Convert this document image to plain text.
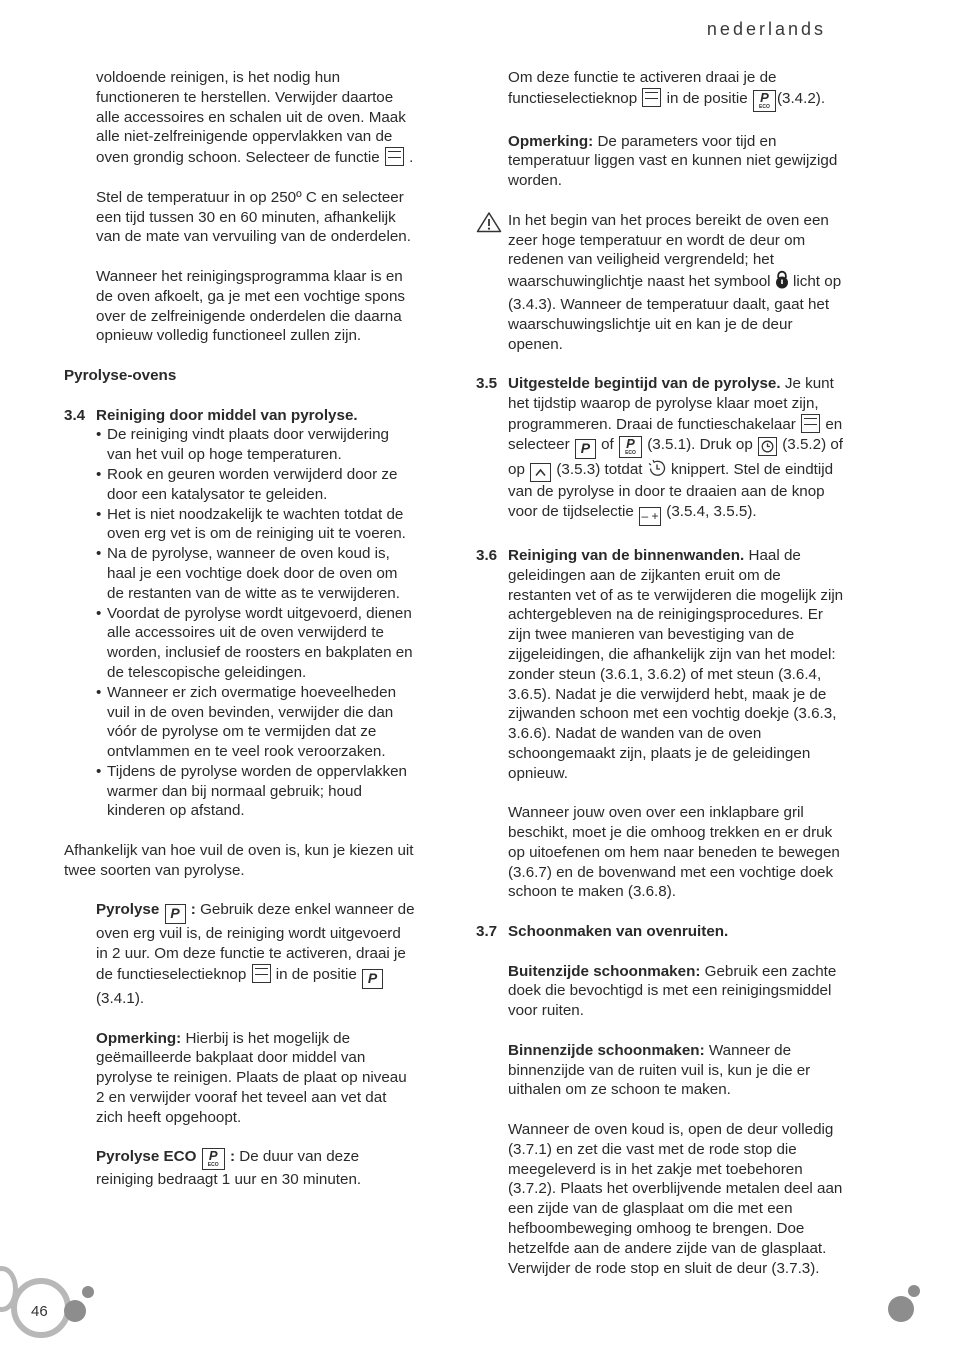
nederlands

voldoende reinigen, is het nodig hun functioneren te herstellen. Verwijder daartoe alle accessoires en schalen uit de oven. Maak alle niet-zelfreinigende oppervlakken van de oven grondig schoon. Selecteer de functie .

Stel de temperatuur in op 250º C en selecteer een tijd tussen 30 en 60 minuten, afhankelijk van de mate van vervuiling van de onderdelen.

Wanneer het reinigingsprogramma klaar is en de oven afkoelt, ga je met een vochtige spons over de zelfreinigende onderdelen die daarna opnieuw volledig functioneel zullen zijn.

Pyrolyse-ovens

3.4 Reiniging door middel van pyrolyse.
• De reiniging vindt plaats door verwijdering van het vuil op hoge temperaturen.
• Rook en geuren worden verwijderd door ze door een katalysator te geleiden.
• Het is niet noodzakelijk te wachten totdat de oven erg vet is om de reiniging uit te voeren.
• Na de pyrolyse, wanneer de oven koud is, haal je een vochtige doek door de oven om de restanten van de witte as te verwijderen.
• Voordat de pyrolyse wordt uitgevoerd, dienen alle accessoires uit de oven verwijderd te worden, inclusief de roosters en bakplaten en de telescopische geleidingen.
• Wanneer er zich overmatige hoeveelheden vuil in de oven bevinden, verwijder die dan vóór de pyrolyse om te vermijden dat ze ontvlammen en te veel rook veroorzaken.
• Tijdens de pyrolyse worden de oppervlakken warmer dan bij normaal gebruik; houd kinderen op afstand.

Afhankelijk van hoe vuil de oven is, kun je kiezen uit twee soorten van pyrolyse.

Pyrolyse P : Gebruik deze enkel wanneer de oven erg vuil is, de reiniging wordt uitgevoerd in 2 uur. Om deze functie te activeren, draai je de functieselectieknop in de positie P (3.4.1).

Opmerking: Hierbij is het mogelijk de geëmailleerde bakplaat door middel van pyrolyse te reinigen. Plaats de plaat op niveau 2 en verwijder vooraf het teveel aan vet dat zich heeft opgehoopt.

Pyrolyse ECO P
ECO : De duur van deze reiniging bedraagt 1 uur en 30 minuten.

Om deze functie te activeren draai je de functieselectieknop in de positie P
ECO (3.4.2).

Opmerking: De parameters voor tijd en temperatuur liggen vast en kunnen niet gewijzigd worden.

In het begin van het proces bereikt de oven een zeer hoge temperatuur en wordt de deur om redenen van veiligheid vergrendeld; het waarschuwinglichtje naast het symbool licht op (3.4.3). Wanneer de temperatuur daalt, gaat het waarschuwingslichtje uit en kan je de deur openen.

3.5 Uitgestelde begintijd van de pyrolyse. Je kunt het tijdstip waarop de pyrolyse klaar moet zijn, programmeren. Draai de functieschakelaar en selecteer P of P
ECO (3.5.1). Druk op (3.5.2) of op (3.5.3) totdat knippert. Stel de eindtijd van de pyrolyse in door te draaien aan de knop voor de tijdselectie – + (3.5.4, 3.5.5).

3.6 Reiniging van de binnenwanden. Haal de geleidingen aan de zijkanten eruit om de restanten vet of as te verwijderen die mogelijk zijn achtergebleven na de reinigingsprocedures. Er zijn twee manieren van bevestiging van de zijgeleidingen, die afhankelijk zijn van het model: zonder steun (3.6.1, 3.6.2) of met steun (3.6.4, 3.6.5). Nadat je die verwijderd hebt, maak je de zijwanden schoon met een vochtig doekje (3.6.3, 3.6.6). Nadat de wanden van de oven schoongemaakt zijn, plaats je de geleidingen opnieuw.

Wanneer jouw oven over een inklapbare gril beschikt, moet je die omhoog trekken en er druk op uitoefenen om hem naar beneden te bewegen (3.6.7) en de bovenwand met een vochtige doek schoon te maken (3.6.8).

3.7 Schoonmaken van ovenruiten.

Buitenzijde schoonmaken: Gebruik een zachte doek die bevochtigd is met een reinigingsmiddel voor ruiten.

Binnenzijde schoonmaken: Wanneer de binnenzijde van de ruiten vuil is, kun je die er uithalen om ze schoon te maken.

Wanneer de oven koud is, open de deur volledig (3.7.1) en zet die vast met de rode stop die meegeleverd is in het zakje met toebehoren (3.7.2). Plaats het overblijvende metalen deel aan een zijde van de glasplaat om die met een hefboombeweging omhoog te brengen. Doe hetzelfde aan de andere zijde van de glasplaat. Verwijder de rode stop en sluit de deur (3.7.3).

46
